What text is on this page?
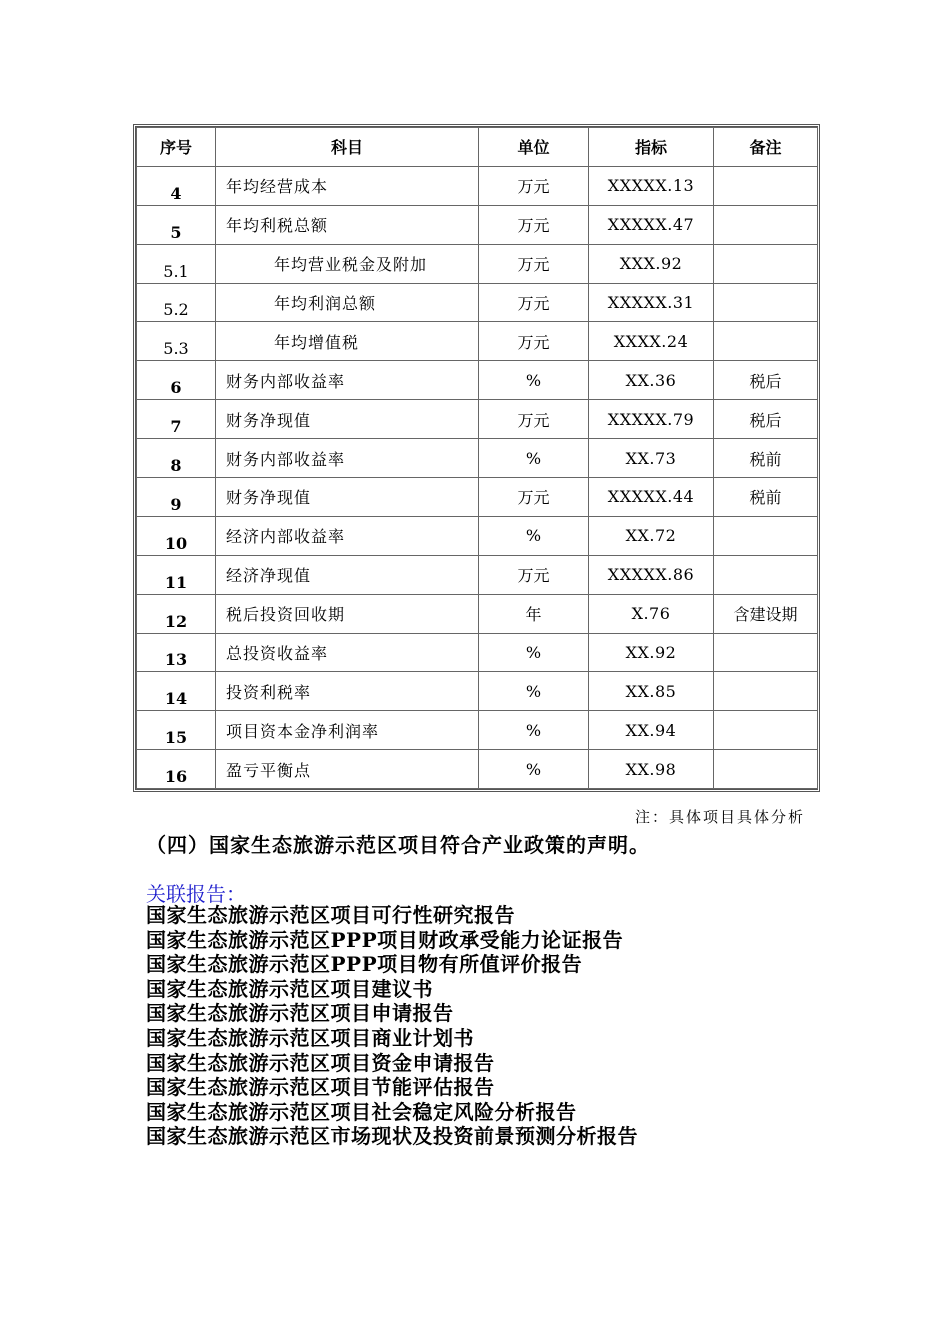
序号	科目	单位	指标	备注
4	年均经营成本	万元	XXXXX.13	
5	年均利税总额	万元	XXXXX.47	
5.1	年均营业税金及附加	万元	XXX.92	
5.2	年均利润总额	万元	XXXXX.31	
5.3	年均增值税	万元	XXXX.24	
6	财务内部收益率	%	XX.36	税后
7	财务净现值	万元	XXXXX.79	税后
8	财务内部收益率	%	XX.73	税前
9	财务净现值	万元	XXXXX.44	税前
10	经济内部收益率	%	XX.72	
11	经济净现值	万元	XXXXX.86	
12	税后投资回收期	年	X.76	含建设期
13	总投资收益率	%	XX.92	
14	投资利税率	%	XX.85	
15	项目资本金净利润率	%	XX.94	
16	盈亏平衡点	%	XX.98	
注：具体项目具体分析
（四）国家生态旅游示范区项目符合产业政策的声明。
关联报告：
国家生态旅游示范区项目可行性研究报告
国家生态旅游示范区PPP项目财政承受能力论证报告
国家生态旅游示范区PPP项目物有所值评价报告
国家生态旅游示范区项目建议书
国家生态旅游示范区项目申请报告
国家生态旅游示范区项目商业计划书
国家生态旅游示范区项目资金申请报告
国家生态旅游示范区项目节能评估报告
国家生态旅游示范区项目社会稳定风险分析报告
国家生态旅游示范区市场现状及投资前景预测分析报告
